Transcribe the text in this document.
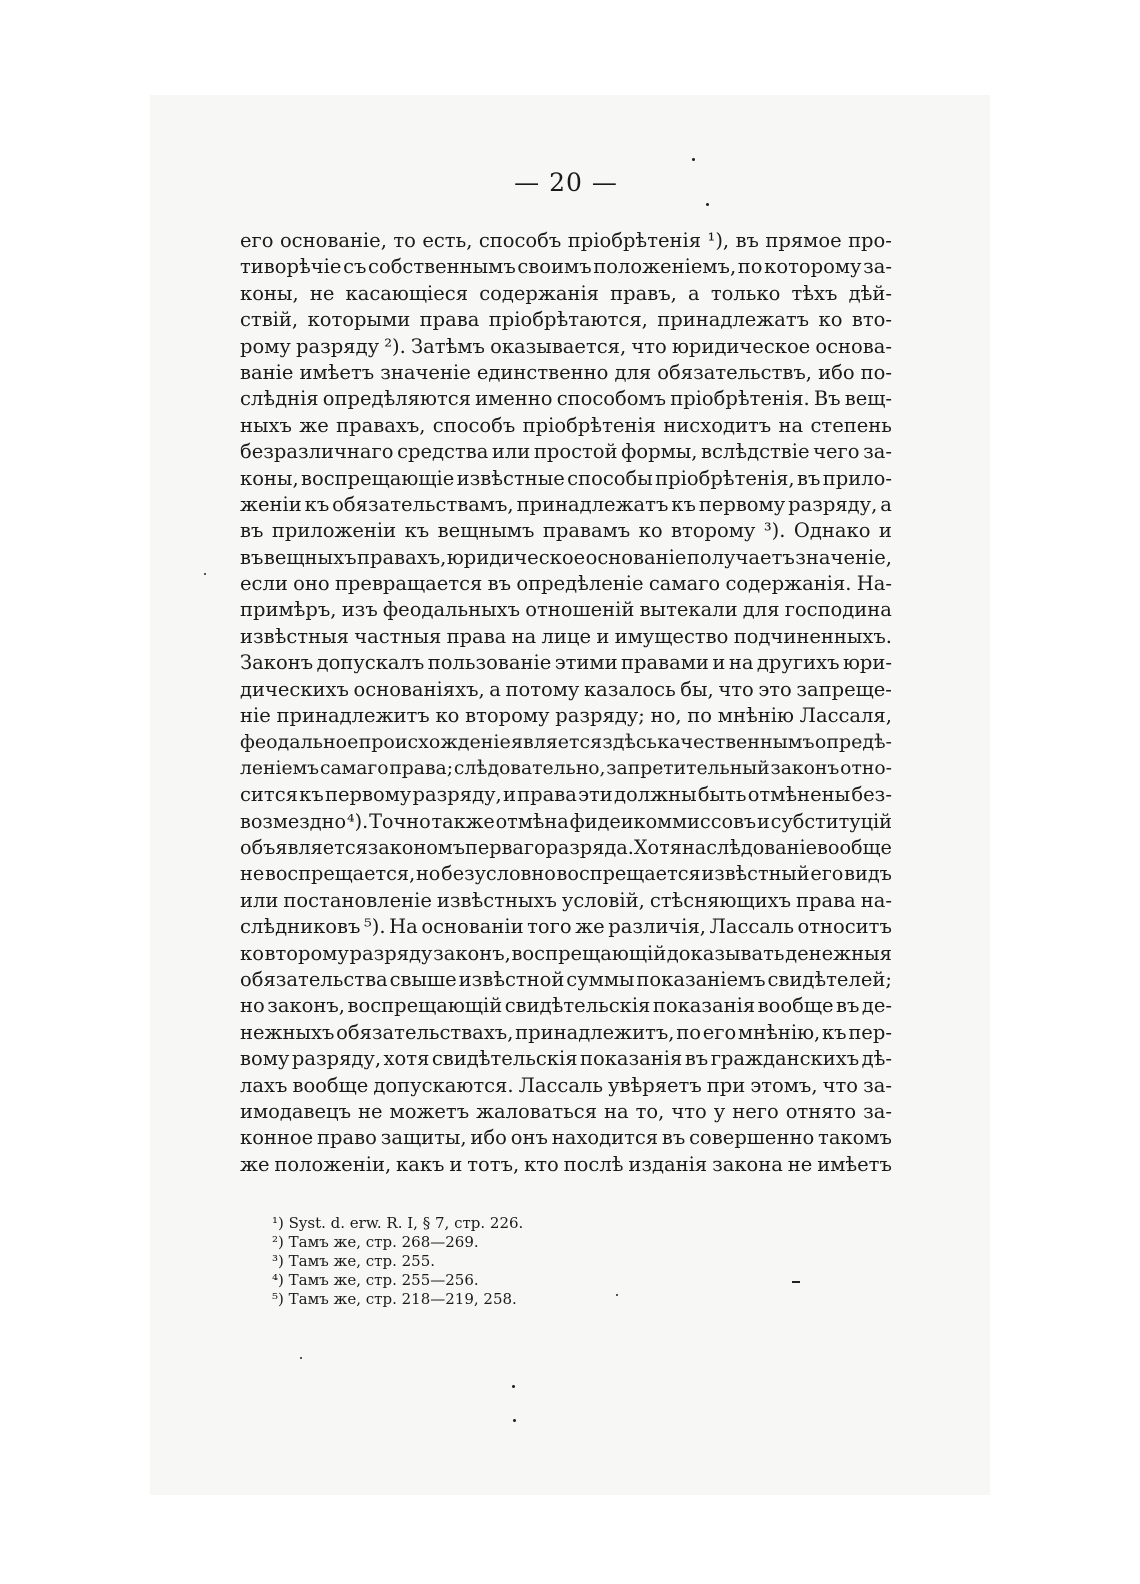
— 20 —
его основаніе, то есть, способъ пріобрѣтенія ¹), въ прямое про-
тиворѣчіе съ собственнымъ своимъ положеніемъ, по которому за-
коны, не касающіеся содержанія правъ, а только тѣхъ дѣй-
ствій, которыми права пріобрѣтаются, принадлежатъ ко вто-
рому разряду ²). Затѣмъ оказывается, что юридическое основа-
ваніе имѣетъ значеніе единственно для обязательствъ, ибо по-
слѣднія опредѣляются именно способомъ пріобрѣтенія. Въ вещ-
ныхъ же правахъ, способъ пріобрѣтенія нисходитъ на степень
безразличнаго средства или простой формы, вслѣдствіе чего за-
коны, воспрещающіе извѣстные способы пріобрѣтенія, въ прило-
женіи къ обязательствамъ, принадлежатъ къ первому разряду, а
въ приложеніи къ вещнымъ правамъ ко второму ³). Однако и
въ вещныхъ правахъ, юридическое основаніе получаетъ значеніе,
если оно превращается въ опредѣленіе самаго содержанія. На-
примѣръ, изъ феодальныхъ отношеній вытекали для господина
извѣстныя частныя права на лице и имущество подчиненныхъ.
Законъ допускалъ пользованіе этими правами и на другихъ юри-
дическихъ основаніяхъ, а потому казалось бы, что это запреще-
ніе принадлежитъ ко второму разряду; но, по мнѣнію Лассаля,
феодальное происхожденіе является здѣсь качественнымъ опредѣ-
леніемъ самаго права; слѣдовательно, запретительный законъ отно-
сится къ первому разряду, и права эти должны быть отмѣнены без-
возмездно ⁴). Точно также отмѣна фидеикоммиссовъ и субституцій
объявляется закономъ перваго разряда. Хотя наслѣдованіе вообще
не воспрещается, но безусловно воспрещается извѣстный его видъ
или постановленіе извѣстныхъ условій, стѣсняющихъ права на-
слѣдниковъ ⁵). На основаніи того же различія, Лассаль относитъ
ко второму разряду законъ, воспрещающій доказывать денежныя
обязательства свыше извѣстной суммы показаніемъ свидѣтелей;
но законъ, воспрещающій свидѣтельскія показанія вообще въ де-
нежныхъ обязательствахъ, принадлежитъ, по его мнѣнію, къ пер-
вому разряду, хотя свидѣтельскія показанія въ гражданскихъ дѣ-
лахъ вообще допускаются. Лассаль увѣряетъ при этомъ, что за-
имодавецъ не можетъ жаловаться на то, что у него отнято за-
конное право защиты, ибо онъ находится въ совершенно такомъ
же положеніи, какъ и тотъ, кто послѣ изданія закона не имѣетъ
¹) Syst. d. erw. R. I, § 7, стр. 226.
²) Тамъ же, стр. 268—269.
³) Тамъ же, стр. 255.
⁴) Тамъ же, стр. 255—256.
⁵) Тамъ же, стр. 218—219, 258.
